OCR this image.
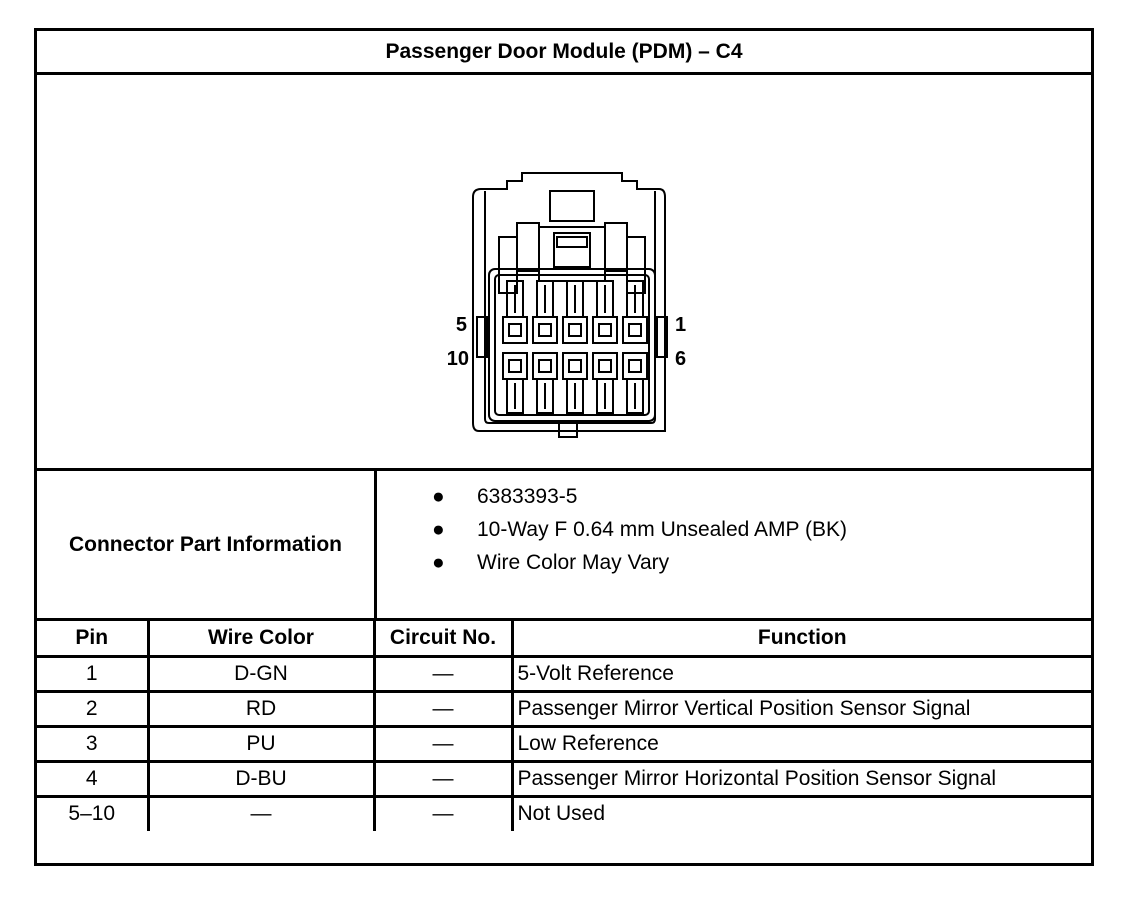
Passenger Door Module (PDM) – C4
5
10
1
6
Connector Part Information
● 6383393-5
● 10-Way F 0.64 mm Unsealed AMP (BK)
● Wire Color May Vary
Pin	Wire Color	Circuit No.	Function
1	D-GN	—	5-Volt Reference
2	RD	—	Passenger Mirror Vertical Position Sensor Signal
3	PU	—	Low Reference
4	D-BU	—	Passenger Mirror Horizontal Position Sensor Signal
5–10	—	—	Not Used
